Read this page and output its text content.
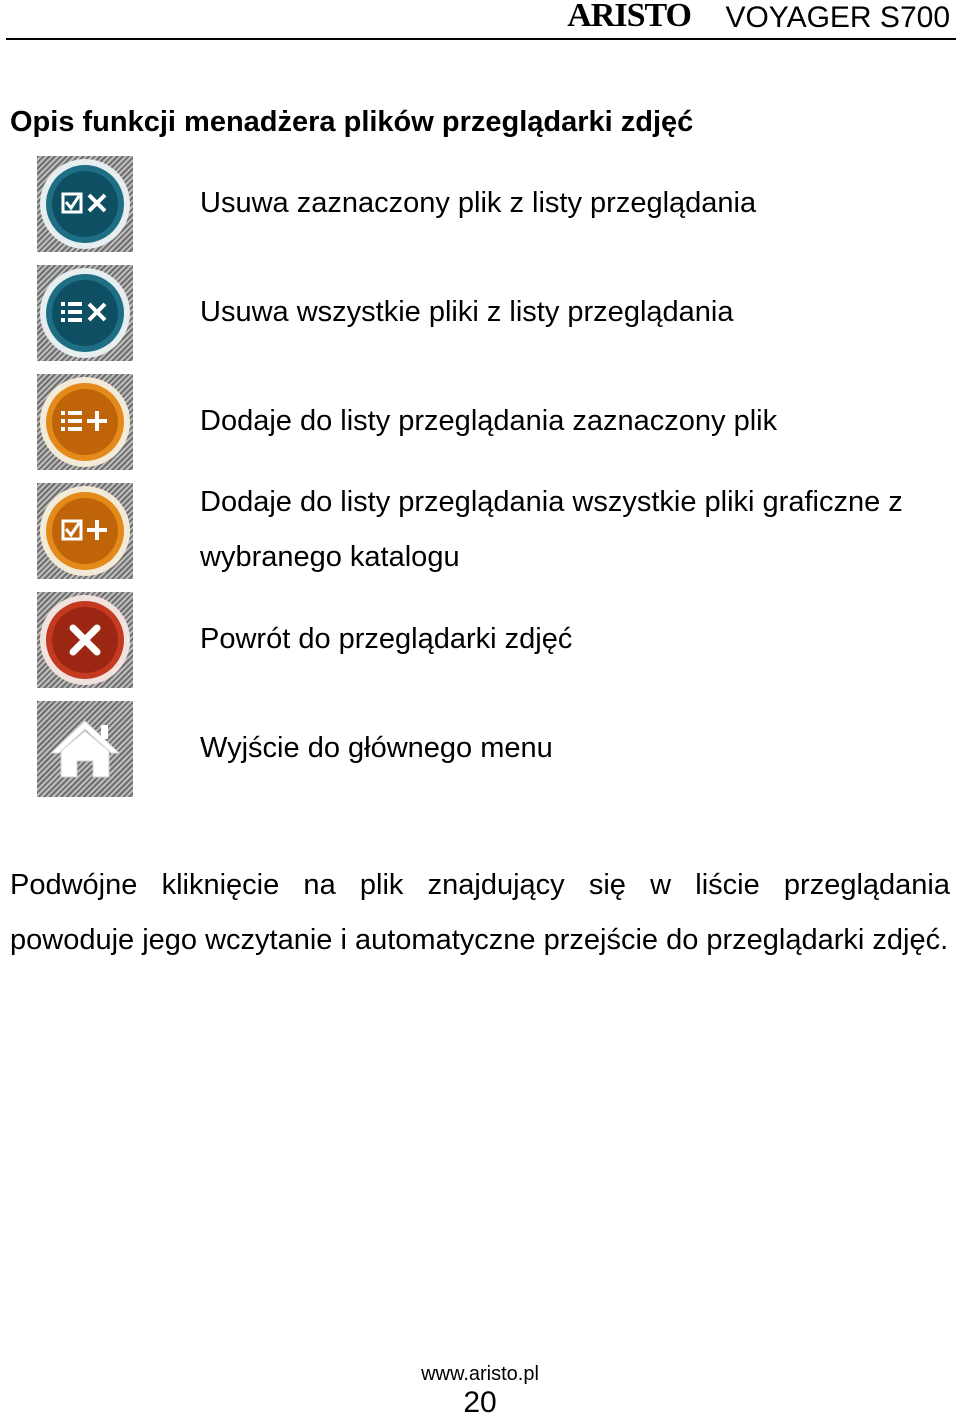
ARISTO VOYAGER S700
Opis funkcji menadżera plików przeglądarki zdjęć
Usuwa zaznaczony plik z listy przeglądania
Usuwa wszystkie pliki z listy przeglądania
Dodaje do listy przeglądania zaznaczony plik
Dodaje do listy przeglądania wszystkie pliki graficzne z wybranego katalogu
Powrót do przeglądarki zdjęć
Wyjście do głównego menu
Podwójne kliknięcie na plik znajdujący się w liście przeglądania powoduje jego wczytanie i automatyczne przejście do przeglądarki zdjęć.
www.aristo.pl
20
